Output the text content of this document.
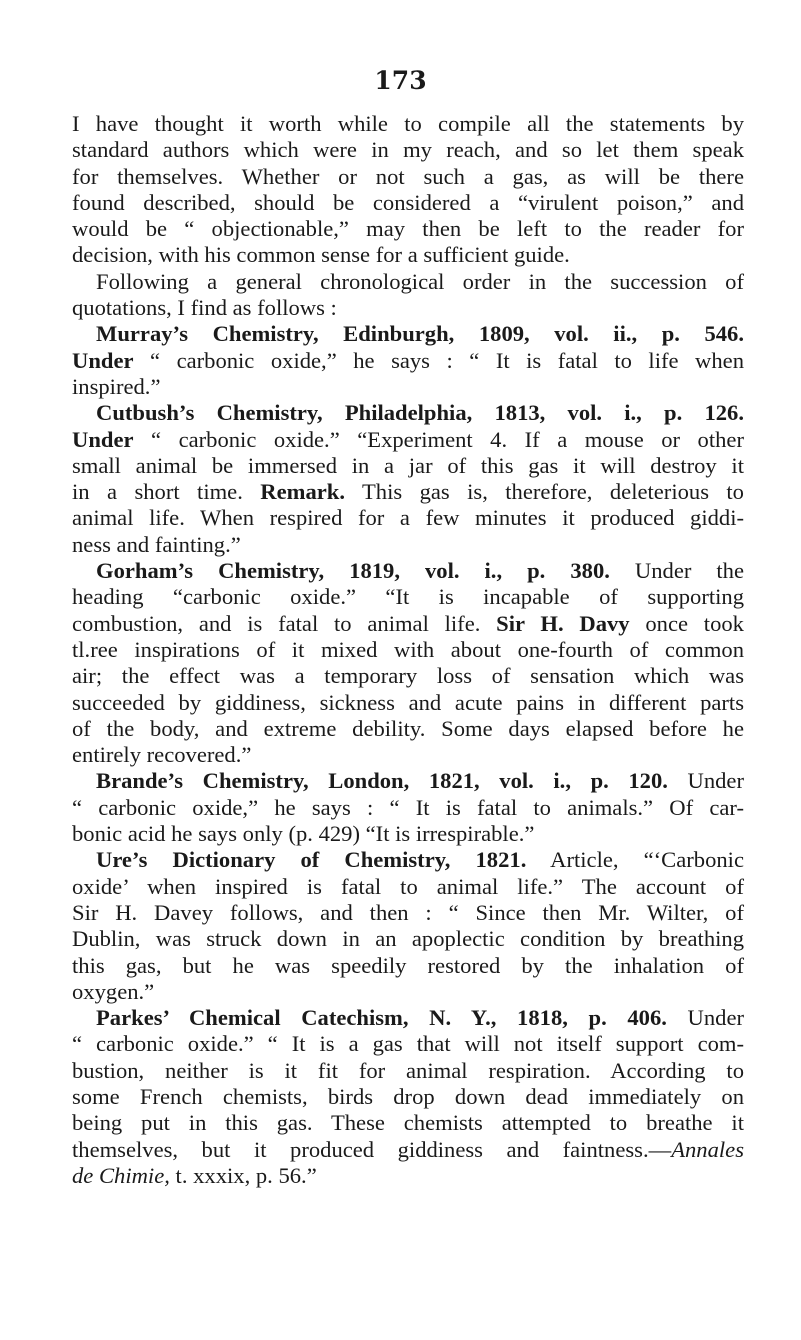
173
I have thought it worth while to compile all the statements by
standard authors which were in my reach, and so let them speak
for themselves. Whether or not such a gas, as will be there
found described, should be considered a “virulent poison,” and
would be “ objectionable,” may then be left to the reader for
decision, with his common sense for a sufficient guide.
Following a general chronological order in the succession of
quotations, I find as follows :
Murray’s Chemistry, Edinburgh, 1809, vol. ii., p. 546.
Under “ carbonic oxide,” he says : “ It is fatal to life when
inspired.”
Cutbush’s Chemistry, Philadelphia, 1813, vol. i., p. 126.
Under “ carbonic oxide.” “Experiment 4. If a mouse or other
small animal be immersed in a jar of this gas it will destroy it
in a short time. Remark. This gas is, therefore, deleterious to
animal life. When respired for a few minutes it produced giddi-
ness and fainting.”
Gorham’s Chemistry, 1819, vol. i., p. 380. Under the
heading “carbonic oxide.” “It is incapable of supporting
combustion, and is fatal to animal life. Sir H. Davy once took
tl.ree inspirations of it mixed with about one-fourth of common
air; the effect was a temporary loss of sensation which was
succeeded by giddiness, sickness and acute pains in different parts
of the body, and extreme debility. Some days elapsed before he
entirely recovered.”
Brande’s Chemistry, London, 1821, vol. i., p. 120. Under
“ carbonic oxide,” he says : “ It is fatal to animals.” Of car-
bonic acid he says only (p. 429) “It is irrespirable.”
Ure’s Dictionary of Chemistry, 1821. Article, “‘Carbonic
oxide’ when inspired is fatal to animal life.” The account of
Sir H. Davey follows, and then : “ Since then Mr. Wilter, of
Dublin, was struck down in an apoplectic condition by breathing
this gas, but he was speedily restored by the inhalation of
oxygen.”
Parkes’ Chemical Catechism, N. Y., 1818, p. 406. Under
“ carbonic oxide.” “ It is a gas that will not itself support com-
bustion, neither is it fit for animal respiration. According to
some French chemists, birds drop down dead immediately on
being put in this gas. These chemists attempted to breathe it
themselves, but it produced giddiness and faintness.—Annales
de Chimie, t. xxxix, p. 56.”
